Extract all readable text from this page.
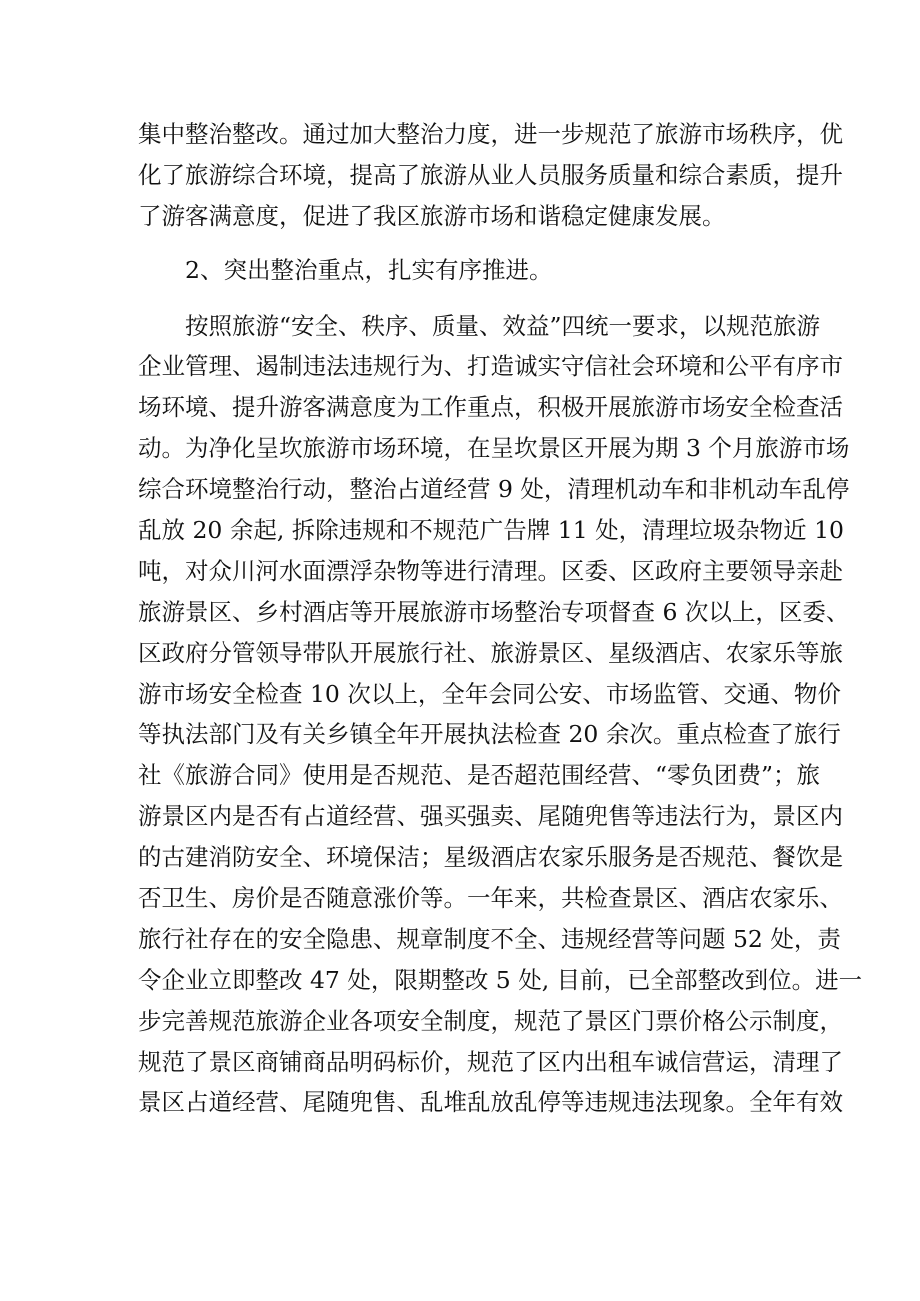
集中整治整改。通过加大整治力度，进一步规范了旅游市场秩序，优
化了旅游综合环境，提高了旅游从业人员服务质量和综合素质，提升
了游客满意度，促进了我区旅游市场和谐稳定健康发展。
2、突出整治重点，扎实有序推进。
按照旅游“安全、秩序、质量、效益”四统一要求，以规范旅游
企业管理、遏制违法违规行为、打造诚实守信社会环境和公平有序市
场环境、提升游客满意度为工作重点，积极开展旅游市场安全检查活
动。为净化呈坎旅游市场环境，在呈坎景区开展为期 3 个月旅游市场
综合环境整治行动，整治占道经营 9 处，清理机动车和非机动车乱停
乱放 20 余起, 拆除违规和不规范广告牌 11 处，清理垃圾杂物近 10
吨，对众川河水面漂浮杂物等进行清理。区委、区政府主要领导亲赴
旅游景区、乡村酒店等开展旅游市场整治专项督查 6 次以上，区委、
区政府分管领导带队开展旅行社、旅游景区、星级酒店、农家乐等旅
游市场安全检查 10 次以上，全年会同公安、市场监管、交通、物价
等执法部门及有关乡镇全年开展执法检查 20 余次。重点检查了旅行
社《旅游合同》使用是否规范、是否超范围经营、“零负团费”；旅
游景区内是否有占道经营、强买强卖、尾随兜售等违法行为，景区内
的古建消防安全、环境保洁；星级酒店农家乐服务是否规范、餐饮是
否卫生、房价是否随意涨价等。一年来，共检查景区、酒店农家乐、
旅行社存在的安全隐患、规章制度不全、违规经营等问题 52 处，责
令企业立即整改 47 处，限期整改 5 处, 目前，已全部整改到位。进一
步完善规范旅游企业各项安全制度，规范了景区门票价格公示制度，
规范了景区商铺商品明码标价，规范了区内出租车诚信营运，清理了
景区占道经营、尾随兜售、乱堆乱放乱停等违规违法现象。全年有效
